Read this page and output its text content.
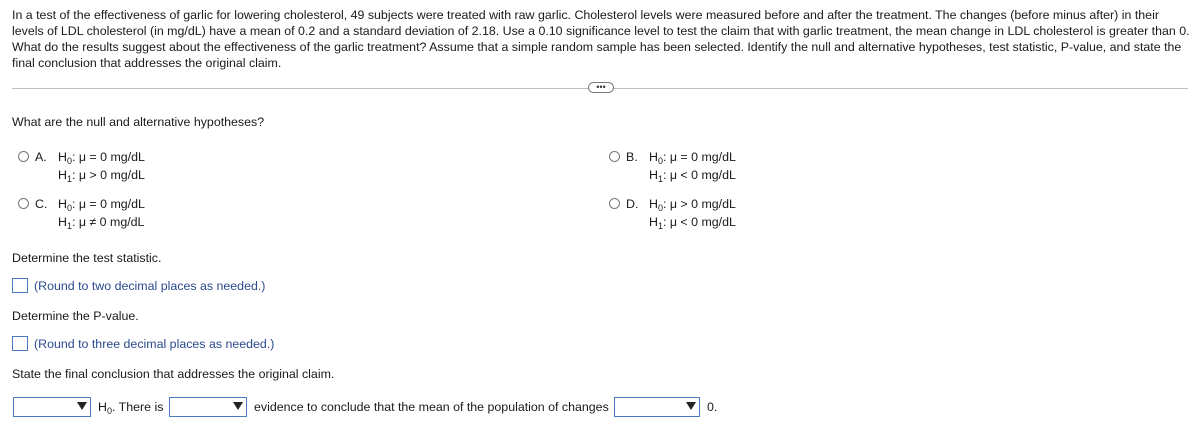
In a test of the effectiveness of garlic for lowering cholesterol, 49 subjects were treated with raw garlic. Cholesterol levels were measured before and after the treatment. The changes (before minus after) in their levels of LDL cholesterol (in mg/dL) have a mean of 0.2 and a standard deviation of 2.18. Use a 0.10 significance level to test the claim that with garlic treatment, the mean change in LDL cholesterol is greater than 0. What do the results suggest about the effectiveness of the garlic treatment? Assume that a simple random sample has been selected. Identify the null and alternative hypotheses, test statistic, P-value, and state the final conclusion that addresses the original claim.

•••

What are the null and alternative hypotheses?

A. $H_0$: μ = 0 mg/dL
$H_1$: μ > 0 mg/dL
B. $H_0$: μ = 0 mg/dL
$H_1$: μ < 0 mg/dL
C. $H_0$: μ = 0 mg/dL
$H_1$: μ ≠ 0 mg/dL
D. $H_0$: μ > 0 mg/dL
$H_1$: μ < 0 mg/dL

Determine the test statistic.

(Round to two decimal places as needed.)

Determine the P-value.

(Round to three decimal places as needed.)

State the final conclusion that addresses the original claim.

$H_0$. There is	evidence to conclude that the mean of the population of changes	0.
